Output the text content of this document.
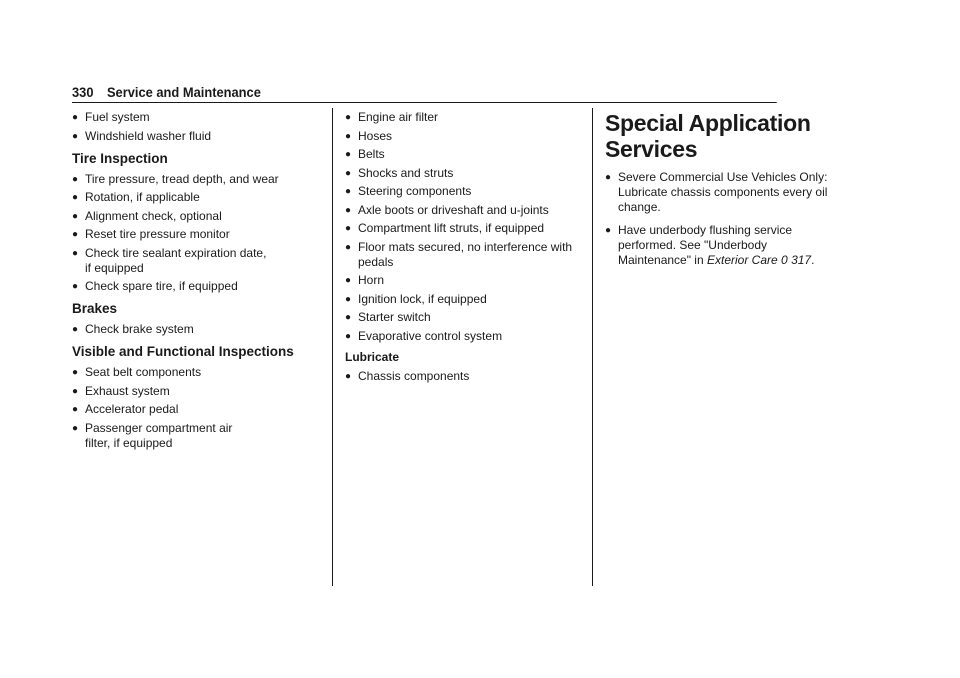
330 Service and Maintenance
● Fuel system
● Windshield washer fluid
Tire Inspection
● Tire pressure, tread depth, and wear
● Rotation, if applicable
● Alignment check, optional
● Reset tire pressure monitor
● Check tire sealant expiration date, if equipped
● Check spare tire, if equipped
Brakes
● Check brake system
Visible and Functional Inspections
● Seat belt components
● Exhaust system
● Accelerator pedal
● Passenger compartment air filter, if equipped
● Engine air filter
● Hoses
● Belts
● Shocks and struts
● Steering components
● Axle boots or driveshaft and u-joints
● Compartment lift struts, if equipped
● Floor mats secured, no interference with pedals
● Horn
● Ignition lock, if equipped
● Starter switch
● Evaporative control system
Lubricate
● Chassis components
Special Application Services
● Severe Commercial Use Vehicles Only: Lubricate chassis components every oil change.
● Have underbody flushing service performed. See "Underbody Maintenance" in Exterior Care 0 317.
